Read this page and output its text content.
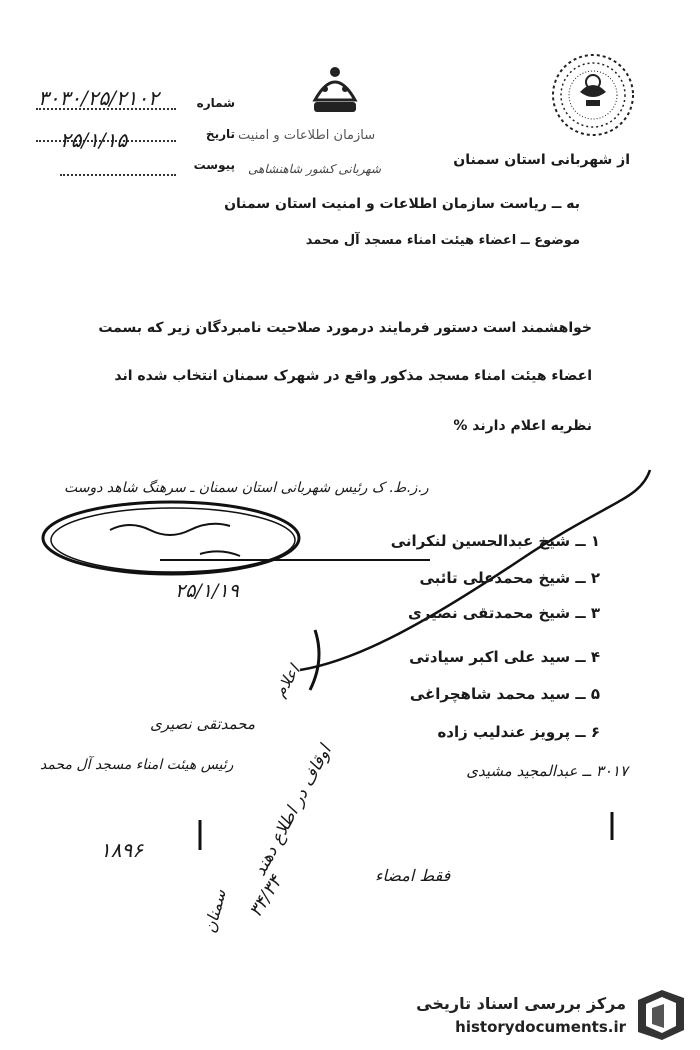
از شهربانی استان سمنان
شماره
تاریخ
پیوست
۳۰۳۰/۲۵/۲۱۰۲
۲۵/۱/۱۵	سازمان اطلاعات و امنیت
شهربانی کشور شاهنشاهی
به ــ ریاست سازمان اطلاعات و امنیت استان سمنان
موضوع ــ اعضاء هیئت امناء مسجد آل محمد
خواهشمند است دستور فرمایند درمورد صلاحیت نامبردگان زیر که بسمت
اعضاء هیئت امناء مسجد مذکور واقع در شهرک سمنان انتخاب شده اند
نظریه اعلام دارند %
ر.ز.ط. ک رئیس شهربانی استان سمنان ـ سرهنگ شاهد دوست
۱ ــ شیخ عبدالحسین لنکرانی
۲ ــ شیخ محمدعلی تائبی
۳ ــ شیخ محمدتقی نصیری
۴ ــ سید علی اکبر سیادتی
۵ ــ سید محمد شاهچراغی
۶ ــ پرویز عندلیب زاده
۳۰۱۷ ــ عبدالمجید مشیدی
۲۵/۱/۱۹
محمدتقی نصیری
رئیس هیئت امناء مسجد آل محمد
۱۸۹۶
اعلام
اوقاف در اطلاع دهند
سمنان ۳۴/۳۴	فقط امضاء
مرکز بررسی اسناد تاریخی
historydocuments.ir
